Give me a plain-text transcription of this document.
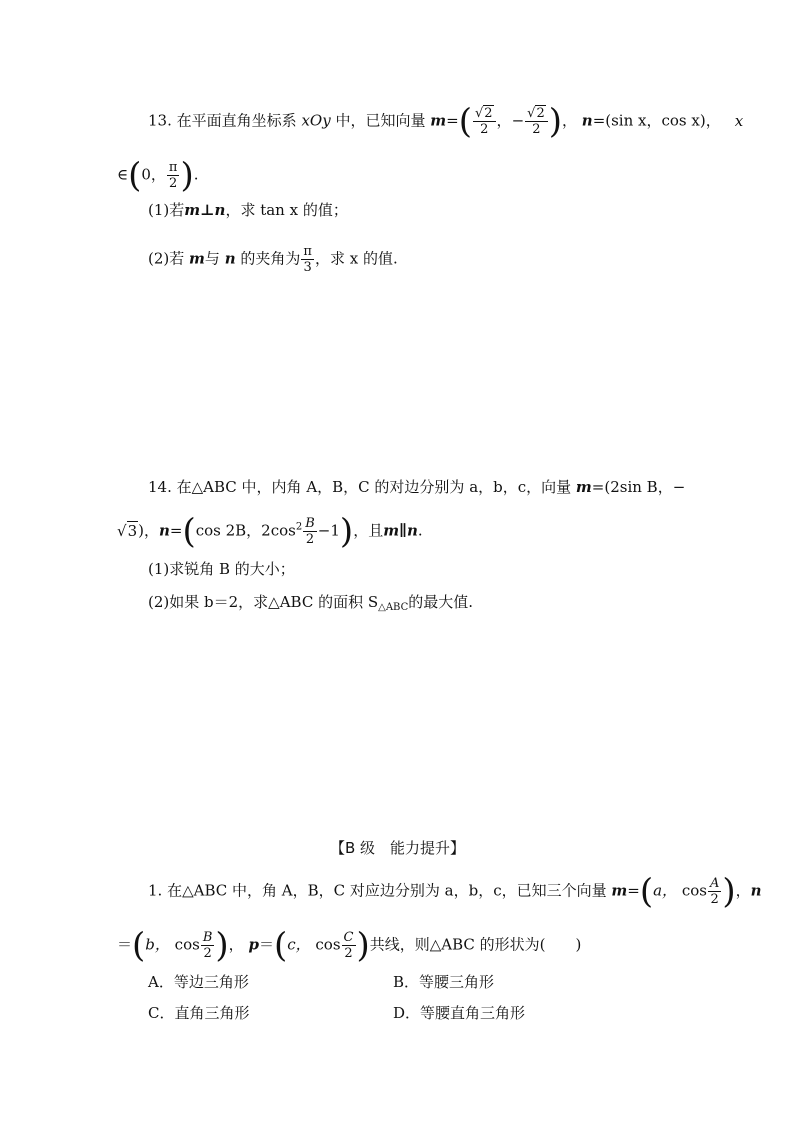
13. 在平面直角坐标系 xOy 中，已知向量 $m=( \frac{√2}{2}$ ，− $\frac{√2}{2}$ )， n=(sin x，cos x)， x
∈(0， $\frac{\pi}{2}$ ).
(1)若m⊥n，求 tan x 的值；
(2)若 m与 n 的夹角为 $\frac{\pi}{3}$ ，求 x 的值.
14. 在△ABC 中，内角 A，B，C 的对边分别为 a，b，c，向量 m=(2sin B，−
√3)，n=(cos 2B，$2\cos^2 \frac{B}{2} -1$)，且m∥n.
(1)求锐角 B 的大小；
(2)如果 b＝2，求△ABC 的面积 $S_{\triangle ABC}$的最大值.
【B 级　能力提升】
1. 在△ABC 中，角 A，B，C 对应边分别为 a，b，c，已知三个向量 m=(a， $\cos \frac{A}{2}$ )，n
＝(b， $\cos \frac{B}{2}$ )， p＝(c， $\cos \frac{C}{2}$ )共线，则△ABC 的形状为(　　)
A．等边三角形	B．等腰三角形
C．直角三角形	D．等腰直角三角形
